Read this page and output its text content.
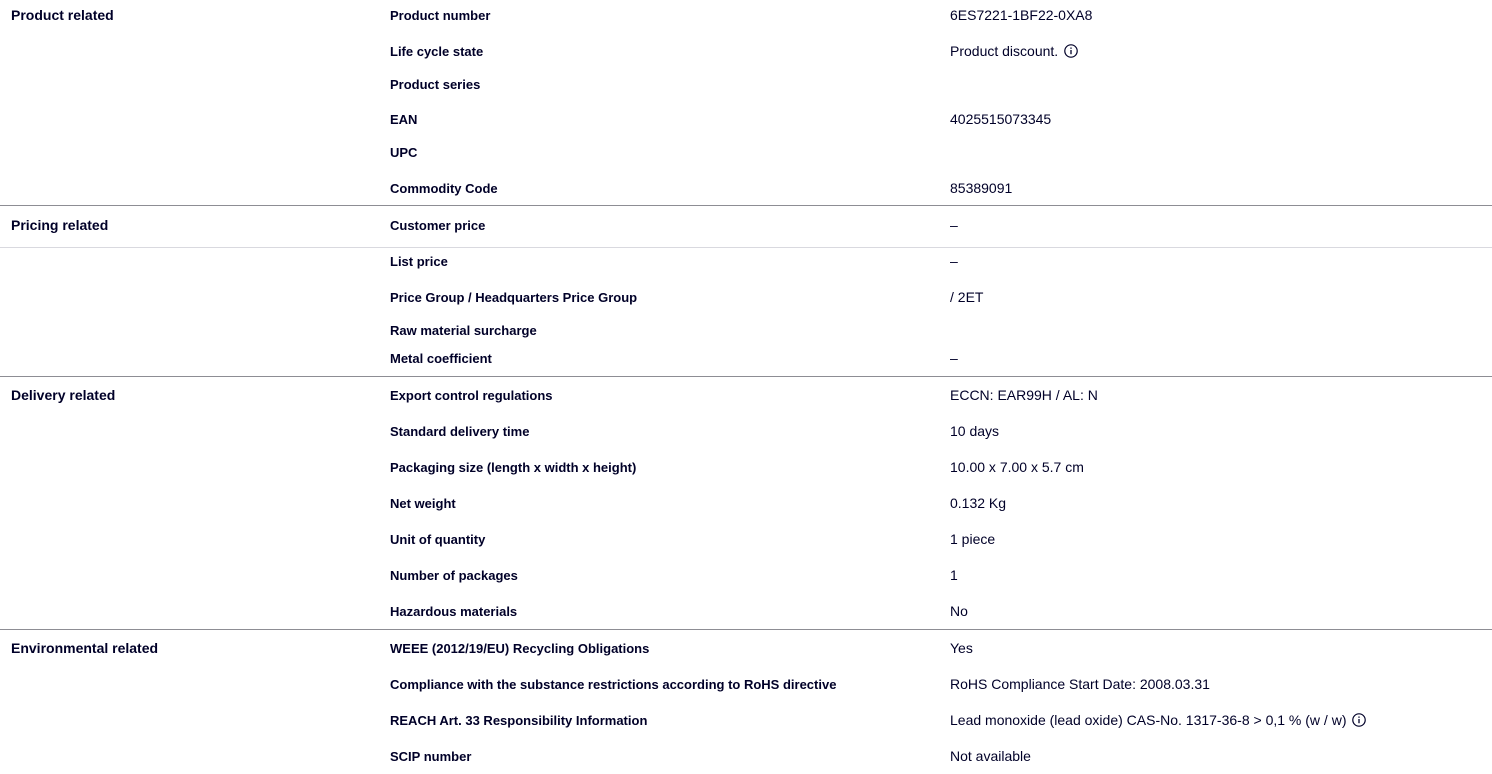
Product related	Product number	6ES7221-1BF22-0XA8
Life cycle state	Product discount.
Product series
EAN	4025515073345
UPC
Commodity Code	85389091
Pricing related	Customer price	–
List price	–
Price Group / Headquarters Price Group	/ 2ET
Raw material surcharge
Metal coefficient	–
Delivery related	Export control regulations	ECCN: EAR99H / AL: N
Standard delivery time	10 days
Packaging size (length x width x height)	10.00 x 7.00 x 5.7 cm
Net weight	0.132 Kg
Unit of quantity	1 piece
Number of packages	1
Hazardous materials	No
Environmental related	WEEE (2012/19/EU) Recycling Obligations	Yes
Compliance with the substance restrictions according to RoHS directive	RoHS Compliance Start Date: 2008.03.31
REACH Art. 33 Responsibility Information	Lead monoxide (lead oxide) CAS-No. 1317-36-8 > 0,1 % (w / w)
SCIP number	Not available
